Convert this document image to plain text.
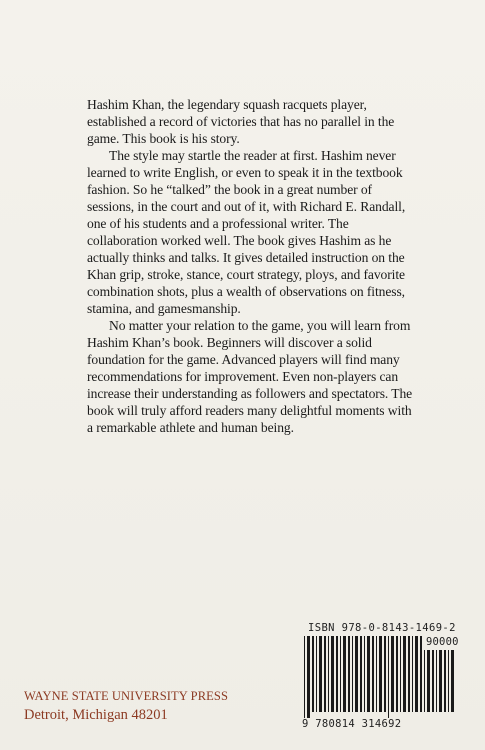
Hashim Khan, the legendary squash racquets player, established a record of victories that has no parallel in the game. This book is his story.

The style may startle the reader at first. Hashim never learned to write English, or even to speak it in the textbook fashion. So he “talked” the book in a great number of sessions, in the court and out of it, with Richard E. Randall, one of his students and a professional writer. The collaboration worked well. The book gives Hashim as he actually thinks and talks. It gives detailed instruction on the Khan grip, stroke, stance, court strategy, ploys, and favorite combination shots, plus a wealth of observations on fitness, stamina, and gamesmanship.

No matter your relation to the game, you will learn from Hashim Khan’s book. Beginners will discover a solid foundation for the game. Advanced players will find many recommendations for improvement. Even non-players can increase their understanding as followers and spectators. The book will truly afford readers many delightful moments with a remarkable athlete and human being.

ISBN 978-0-8143-1469-2
90000
9 780814 314692
WAYNE STATE UNIVERSITY PRESS
Detroit, Michigan 48201
